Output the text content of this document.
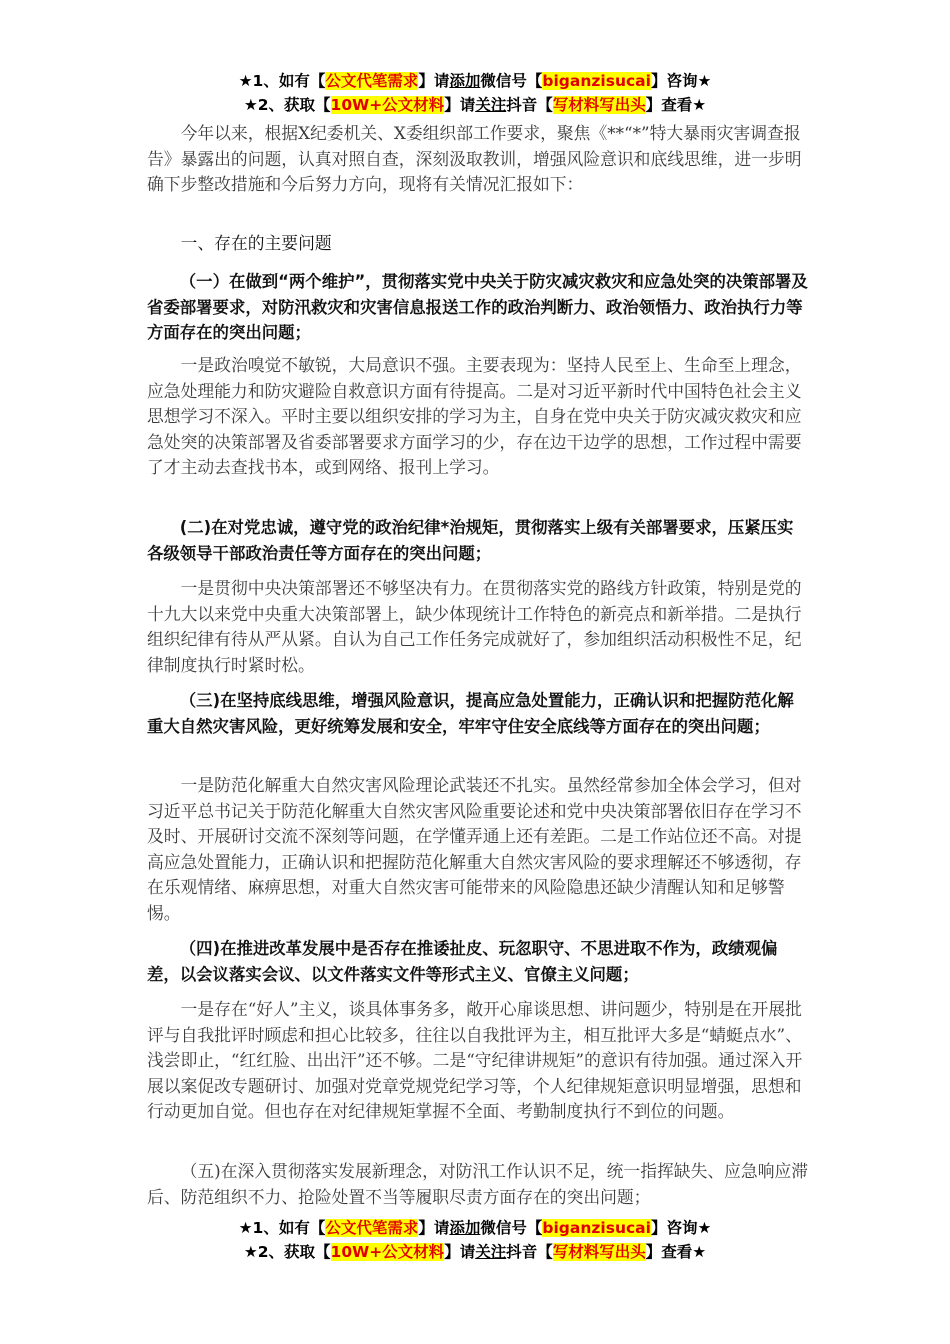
★1、如有【公文代笔需求】请添加微信号【biganzisucai】咨询★
★2、获取【10W+公文材料】请关注抖音【写材料写出头】查看★

今年以来，根据X纪委机关、X委组织部工作要求，聚焦《**“*”特大暴雨灾害调查报告》暴露出的问题，认真对照自查，深刻汲取教训，增强风险意识和底线思维，进一步明确下步整改措施和今后努力方向，现将有关情况汇报如下：

一、存在的主要问题

（一）在做到“两个维护”，贯彻落实党中央关于防灾减灾救灾和应急处突的决策部署及省委部署要求，对防汛救灾和灾害信息报送工作的政治判断力、政治领悟力、政治执行力等方面存在的突出问题；

一是政治嗅觉不敏锐，大局意识不强。主要表现为：坚持人民至上、生命至上理念，应急处理能力和防灾避险自救意识方面有待提高。二是对习近平新时代中国特色社会主义思想学习不深入。平时主要以组织安排的学习为主，自身在党中央关于防灾减灾救灾和应急处突的决策部署及省委部署要求方面学习的少，存在边干边学的思想，工作过程中需要了才主动去查找书本，或到网络、报刊上学习。

(二)在对党忠诚，遵守党的政治纪律*治规矩，贯彻落实上级有关部署要求，压紧压实各级领导干部政治责任等方面存在的突出问题；

一是贯彻中央决策部署还不够坚决有力。在贯彻落实党的路线方针政策，特别是党的十九大以来党中央重大决策部署上，缺少体现统计工作特色的新亮点和新举措。二是执行组织纪律有待从严从紧。自认为自己工作任务完成就好了，参加组织活动积极性不足，纪律制度执行时紧时松。

（三)在坚持底线思维，增强风险意识，提高应急处置能力，正确认识和把握防范化解重大自然灾害风险，更好统筹发展和安全，牢牢守住安全底线等方面存在的突出问题；

一是防范化解重大自然灾害风险理论武装还不扎实。虽然经常参加全体会学习，但对习近平总书记关于防范化解重大自然灾害风险重要论述和党中央决策部署依旧存在学习不及时、开展研讨交流不深刻等问题，在学懂弄通上还有差距。二是工作站位还不高。对提高应急处置能力，正确认识和把握防范化解重大自然灾害风险的要求理解还不够透彻，存在乐观情绪、麻痹思想，对重大自然灾害可能带来的风险隐患还缺少清醒认知和足够警惕。

（四)在推进改革发展中是否存在推诿扯皮、玩忽职守、不思进取不作为，政绩观偏差，以会议落实会议、以文件落实文件等形式主义、官僚主义问题；

一是存在“好人”主义，谈具体事务多，敞开心扉谈思想、讲问题少，特别是在开展批评与自我批评时顾虑和担心比较多，往往以自我批评为主，相互批评大多是“蜻蜓点水”、浅尝即止，“红红脸、出出汗”还不够。二是“守纪律讲规矩”的意识有待加强。通过深入开展以案促改专题研讨、加强对党章党规党纪学习等，个人纪律规矩意识明显增强，思想和行动更加自觉。但也存在对纪律规矩掌握不全面、考勤制度执行不到位的问题。

（五)在深入贯彻落实发展新理念，对防汛工作认识不足，统一指挥缺失、应急响应滞后、防范组织不力、抢险处置不当等履职尽责方面存在的突出问题；

★1、如有【公文代笔需求】请添加微信号【biganzisucai】咨询★
★2、获取【10W+公文材料】请关注抖音【写材料写出头】查看★
